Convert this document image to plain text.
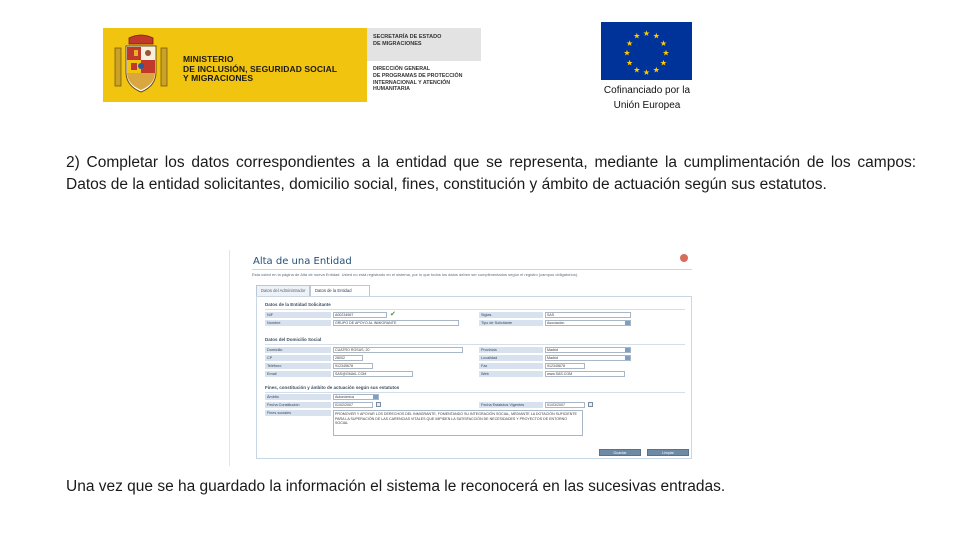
MINISTERIO
DE INCLUSIÓN, SEGURIDAD SOCIAL
Y MIGRACIONES
SECRETARÍA DE ESTADO
DE MIGRACIONES
DIRECCIÓN GENERAL
DE PROGRAMAS DE PROTECCIÓN
INTERNACIONAL Y ATENCIÓN
HUMANITARIA
★ ★
★
★
★
★
★
★
★
★
★
★
Cofinanciado por la
Unión Europea

2) Completar los datos correspondientes a la entidad que se representa, mediante la cumplimentación de los campos: Datos de la entidad solicitantes, domicilio social, fines, constitución y ámbito de actuación según sus estatutos.

Alta de una Entidad
Esta usted en la página de Alta de nueva Entidad. Usted no está registrado en el sistema, por lo que todos los datos deben ser cumplimentados según el registro (campos obligatorios).
Datos del Administrador	Datos de la Entidad
Datos de la Entidad Solicitante
NIF	A00234567	✔	Siglas	SAS
Nombre	GRUPO DE APOYO AL INMIGRANTE	Tipo de Solicitante	Asociación
Datos del Domicilio Social
Domicilio	CUATRO ROSAS, 20	Provincia	Madrid
CP	28002	Localidad	Madrid
Teléfono	912345678	Fax	912345678
Email	SAS@GMAIL.COM	Web	www.SAS.COM
Fines, constitución y ámbito de actuación según sus estatutos
Ámbito	Autonómica
Fecha Constitución	01/02/2007	Fecha Estatutos Vigentes	01/03/2007
Fines sociales	PROMOVER Y APOYAR LOS DERECHOS DEL INMIGRANTE, FOMENTANDO SU INTEGRACIÓN SOCIAL, MEDIANTE LA DOTACIÓN SUFICIENTE PARA LA SUPERACIÓN DE LAS CARENCIAS VITALES QUE IMPIDEN LA SATISFACCIÓN DE NECESIDADES Y PROYECTOS DE ENTORNO SOCIAL
Guardar	Limpiar

Una vez que se ha guardado la información el sistema le reconocerá en las sucesivas entradas.
